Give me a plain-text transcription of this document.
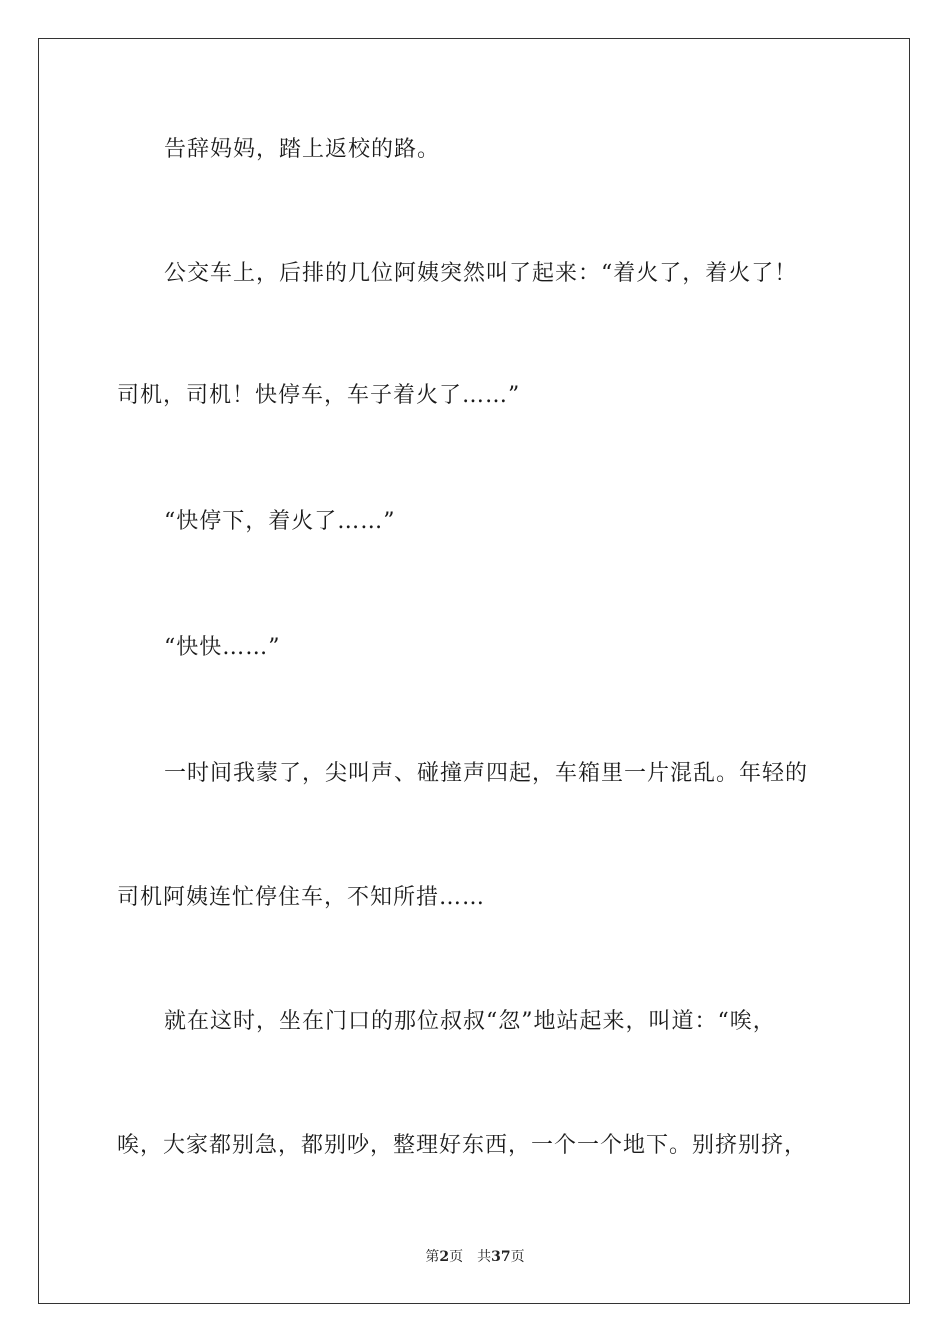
告辞妈妈，踏上返校的路。
公交车上，后排的几位阿姨突然叫了起来：“着火了，着火了！
司机，司机！快停车，车子着火了……”
“快停下，着火了……”
“快快……”
一时间我蒙了，尖叫声、碰撞声四起，车箱里一片混乱。年轻的
司机阿姨连忙停住车，不知所措……
就在这时，坐在门口的那位叔叔“忽”地站起来，叫道：“唉，
唉，大家都别急，都别吵，整理好东西，一个一个地下。别挤别挤，
第2页 共37页
